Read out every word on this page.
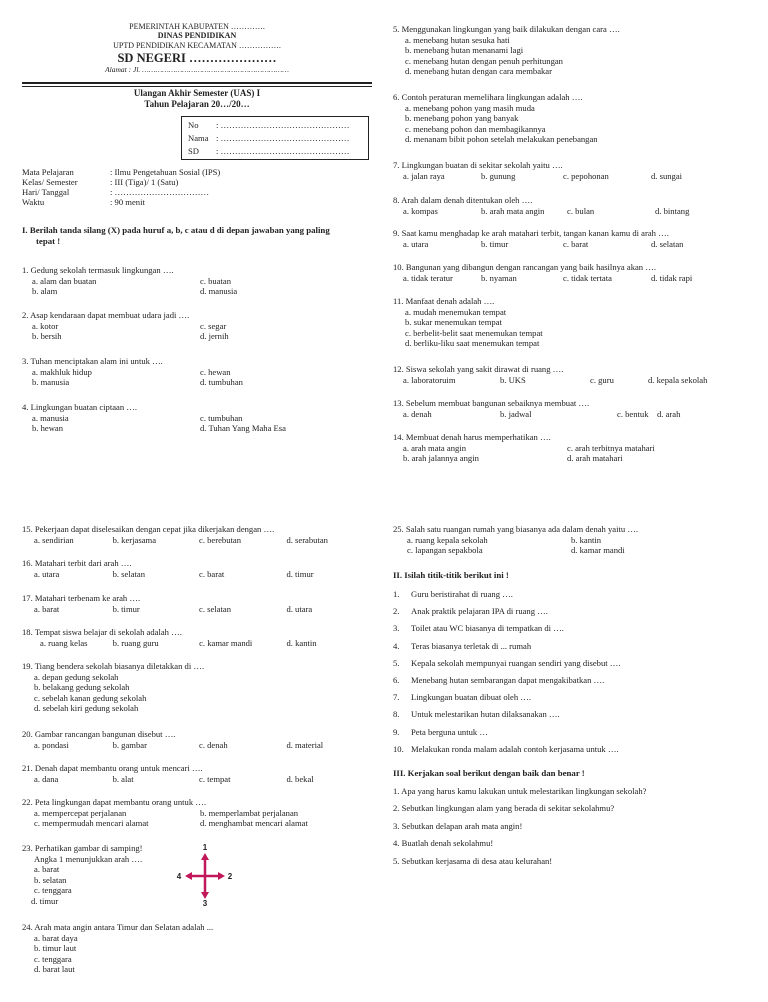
PEMERINTAH KABUPATEN ………….
DINAS PENDIDIKAN
UPTD PENDIDIKAN KECAMATAN …………….
SD NEGERI …………………
Alamat : Jl. …………………………………………………………
Ulangan Akhir Semester (UAS) I
Tahun Pelajaran 20…/20…
No	: ………………………………………
Nama : ………………………………………
SD	: ………………………………………
Mata Pelajaran	: Ilmu Pengetahuan Sosial (IPS)
Kelas/ Semester	: III (Tiga)/ 1 (Satu)
Hari/ Tanggal	: ……………………………
Waktu	: 90 menit
I. Berilah tanda silang (X) pada huruf a, b, c atau d di depan jawaban yang paling
tepat !
1. Gedung sekolah termasuk lingkungan ….
a. alam dan buatan	c. buatan
b. alam	d. manusia
2. Asap kendaraan dapat membuat udara jadi ….
a. kotor	c. segar
b. bersih	d. jernih
3. Tuhan menciptakan alam ini untuk ….
a. makhluk hidup	c. hewan
b. manusia	d. tumbuhan
4. Lingkungan buatan ciptaan ….
a. manusia	c. tumbuhan
b. hewan	d. Tuhan Yang Maha Esa
5. Menggunakan lingkungan yang baik dilakukan dengan cara ….
a. menebang hutan sesuka hati
b. menebang hutan menanami lagi
c. menebang hutan dengan penuh perhitungan
d. menebang hutan dengan cara membakar
6. Contoh peraturan memelihara lingkungan adalah ….
a. menebang pohon yang masih muda
b. menebang pohon yang banyak
c. menebang pohon dan membagikannya
d. menanam bibit pohon setelah melakukan penebangan
7. Lingkungan buatan di sekitar sekolah yaitu ….
a. jalan raya	b. gunung	c. pepohonan	d. sungai
8. Arah dalam denah ditentukan oleh ….
a. kompas	b. arah mata angin	c. bulan	d. bintang
9. Saat kamu menghadap ke arah matahari terbit, tangan kanan kamu di arah ….
a. utara	b. timur	c. barat	d. selatan
10. Bangunan yang dibangun dengan rancangan yang baik hasilnya akan ….
a. tidak teratur	b. nyaman	c. tidak tertata	d. tidak rapi
11. Manfaat denah adalah ….
a. mudah menemukan tempat
b. sukar menemukan tempat
c. berbelit-belit saat menemukan tempat
d. berliku-liku saat menemukan tempat
12. Siswa sekolah yang sakit dirawat di ruang ….
a. laboratoruim	b. UKS	c. guru	d. kepala sekolah
13. Sebelum membuat bangunan sebaiknya membuat ….
a. denah	b. jadwal	c. bentuk d. arah
14. Membuat denah harus memperhatikan ….
a. arah mata angin	c. arah terbitnya matahari
b. arah jalannya angin	d. arah matahari
15. Pekerjaan dapat diselesaikan dengan cepat jika dikerjakan dengan ….
a. sendirian	b. kerjasama	c. berebutan	d. serabutan
16. Matahari terbit dari arah ….
a. utara	b. selatan	c. barat	d. timur
17. Matahari terbenam ke arah ….
a. barat	b. timur	c. selatan	d. utara
18. Tempat siswa belajar di sekolah adalah ….
a. ruang kelas	b. ruang guru	c. kamar mandi	d. kantin
19. Tiang bendera sekolah biasanya diletakkan di ….
a. depan gedung sekolah
b. belakang gedung sekolah
c. sebelah kanan gedung sekolah
d. sebelah kiri gedung sekolah
20. Gambar rancangan bangunan disebut ….
a. pondasi	b. gambar	c. denah	d. material
21. Denah dapat membantu orang untuk mencari ….
a. dana	b. alat	c. tempat	d. bekal
22. Peta lingkungan dapat membantu orang untuk ….
a. mempercepat perjalanan	b. memperlambat perjalanan
c. mempermudah mencari alamat	d. menghambat mencari alamat
23. Perhatikan gambar di samping!
Angka 1 menunjukkan arah ….
a. barat
b. selatan
c. tenggara
d. timur
1
2
3
4
24. Arah mata angin antara Timur dan Selatan adalah ...
a. barat daya
b. timur laut
c. tenggara
d. barat laut
25. Salah satu ruangan rumah yang biasanya ada dalam denah yaitu ….
a. ruang kepala sekolah	b. kantin
c. lapangan sepakbola	d. kamar mandi
II. Isilah titik-titik berikut ini !
1. Guru beristirahat di ruang ….
2. Anak praktik pelajaran IPA di ruang ….
3. Toilet atau WC biasanya di tempatkan di ….
4. Teras biasanya terletak di ... rumah
5. Kepala sekolah mempunyai ruangan sendiri yang disebut ….
6. Menebang hutan sembarangan dapat mengakibatkan ….
7. Lingkungan buatan dibuat oleh ….
8. Untuk melestarikan hutan dilaksanakan ….
9. Peta berguna untuk …
10. Melakukan ronda malam adalah contoh kerjasama untuk ….
III. Kerjakan soal berikut dengan baik dan benar !
1. Apa yang harus kamu lakukan untuk melestarikan lingkungan sekolah?
2. Sebutkan lingkungan alam yang berada di sekitar sekolahmu?
3. Sebutkan delapan arah mata angin!
4. Buatlah denah sekolahmu!
5. Sebutkan kerjasama di desa atau kelurahan!
